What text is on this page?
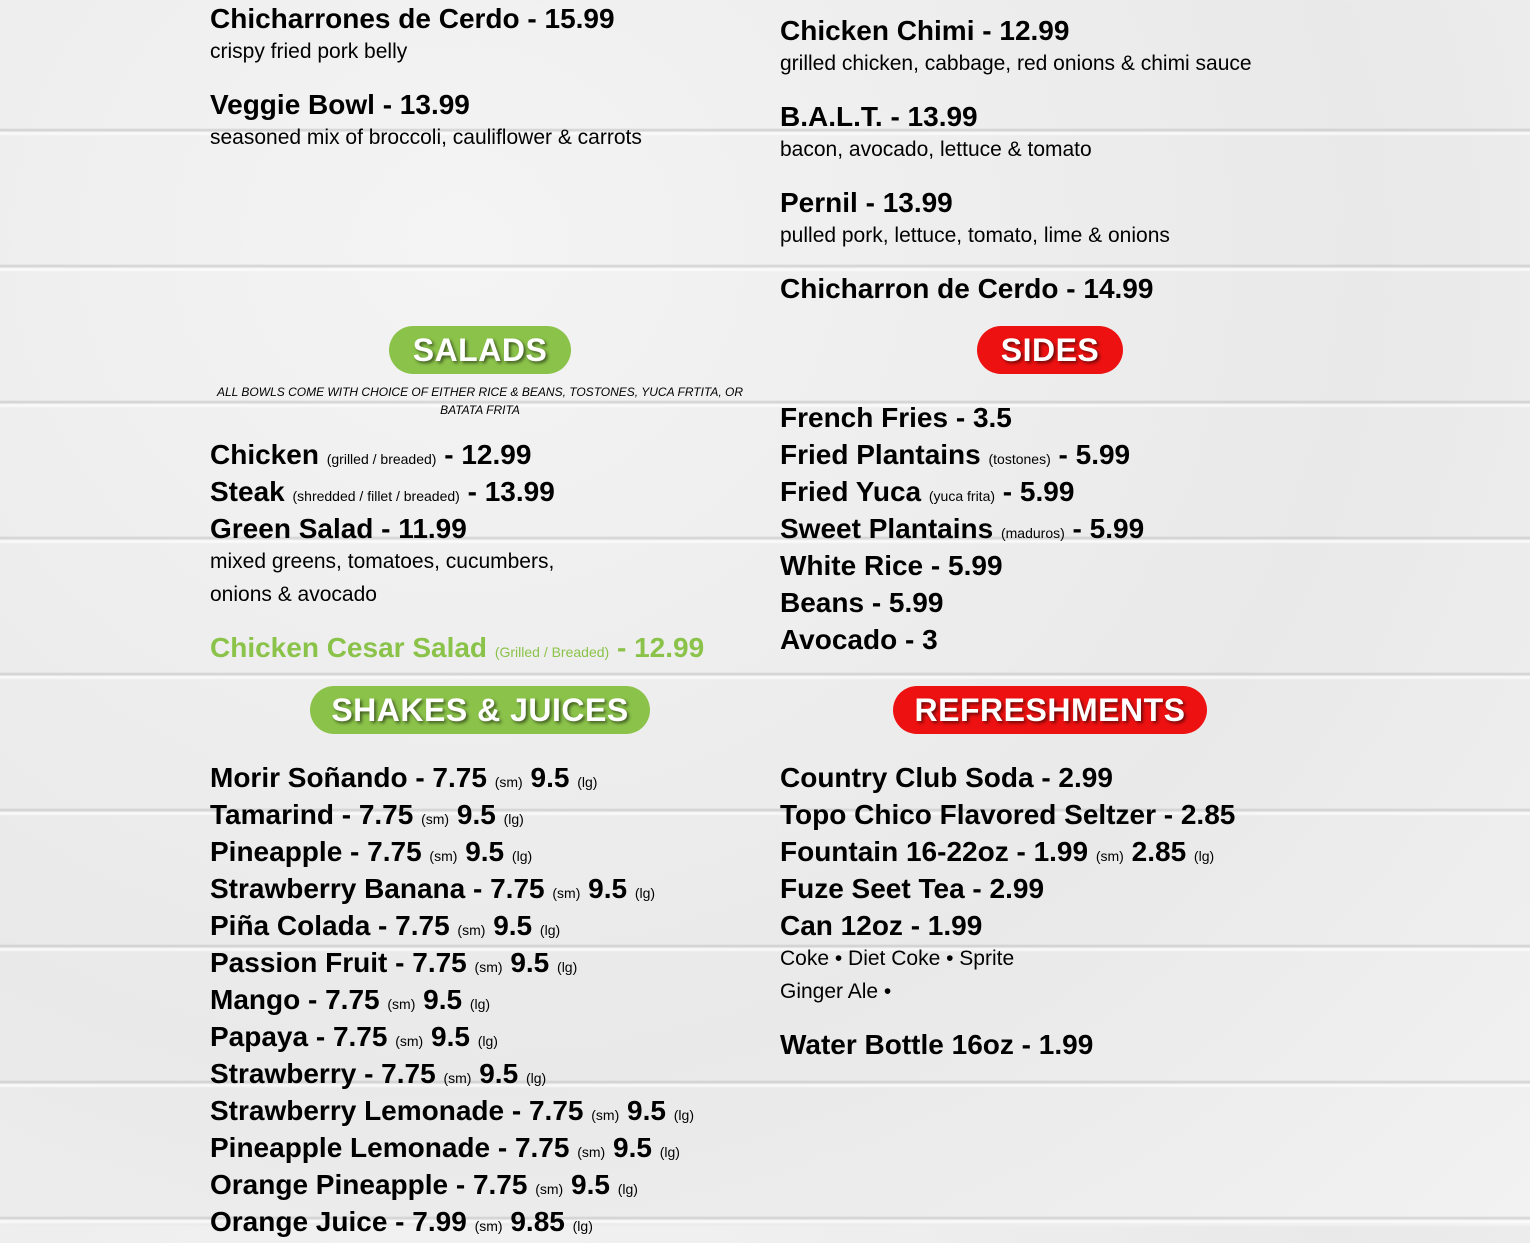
Chicharrones de Cerdo - 15.99
crispy fried pork belly
Veggie Bowl - 13.99
seasoned mix of broccoli, cauliflower & carrots
Chicken Chimi - 12.99
grilled chicken, cabbage, red onions & chimi sauce
B.A.L.T. - 13.99
bacon, avocado, lettuce & tomato
Pernil - 13.99
pulled pork, lettuce, tomato, lime & onions
Chicharron de Cerdo - 14.99
SALADS
ALL BOWLS COME WITH CHOICE OF EITHER RICE & BEANS, TOSTONES, YUCA FRTITA, OR
BATATA FRITA
Chicken (grilled / breaded) - 12.99
Steak (shredded / fillet / breaded) - 13.99
Green Salad - 11.99
mixed greens, tomatoes, cucumbers,
onions & avocado
Chicken Cesar Salad (Grilled / Breaded) - 12.99
SIDES
French Fries - 3.5
Fried Plantains (tostones) - 5.99
Fried Yuca (yuca frita) - 5.99
Sweet Plantains (maduros) - 5.99
White Rice - 5.99
Beans - 5.99
Avocado - 3
SHAKES & JUICES
Morir Soñando - 7.75 (sm) 9.5 (lg)
Tamarind - 7.75 (sm) 9.5 (lg)
Pineapple - 7.75 (sm) 9.5 (lg)
Strawberry Banana - 7.75 (sm) 9.5 (lg)
Piña Colada - 7.75 (sm) 9.5 (lg)
Passion Fruit - 7.75 (sm) 9.5 (lg)
Mango - 7.75 (sm) 9.5 (lg)
Papaya - 7.75 (sm) 9.5 (lg)
Strawberry - 7.75 (sm) 9.5 (lg)
Strawberry Lemonade - 7.75 (sm) 9.5 (lg)
Pineapple Lemonade - 7.75 (sm) 9.5 (lg)
Orange Pineapple - 7.75 (sm) 9.5 (lg)
Orange Juice - 7.99 (sm) 9.85 (lg)
REFRESHMENTS
Country Club Soda - 2.99
Topo Chico Flavored Seltzer - 2.85
Fountain 16-22oz - 1.99 (sm) 2.85 (lg)
Fuze Seet Tea - 2.99
Can 12oz - 1.99
Coke • Diet Coke • Sprite
Ginger Ale •
Water Bottle 16oz - 1.99
